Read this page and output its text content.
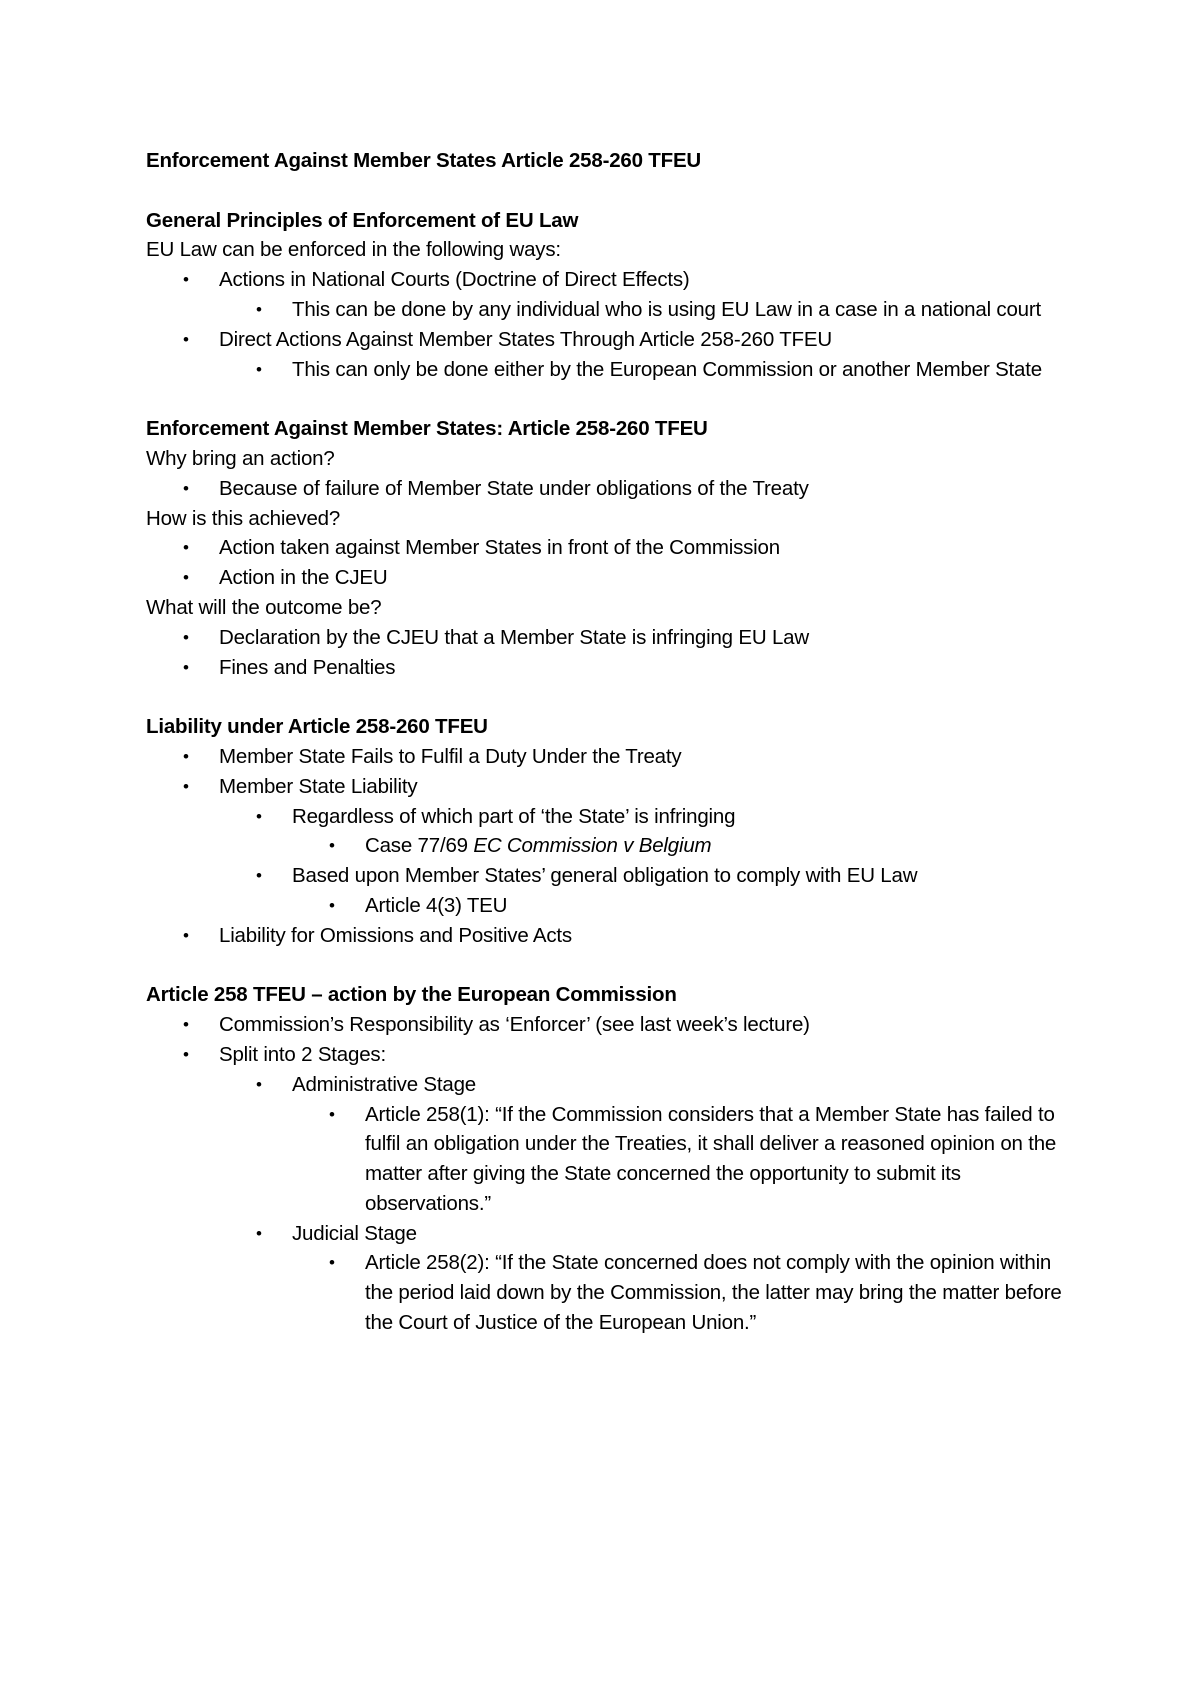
Enforcement Against Member States Article 258-260 TFEU

General Principles of Enforcement of EU Law

EU Law can be enforced in the following ways:

• Actions in National Courts (Doctrine of Direct Effects)
• This can be done by any individual who is using EU Law in a case in a national court
• Direct Actions Against Member States Through Article 258-260 TFEU
• This can only be done either by the European Commission or another Member State

Enforcement Against Member States: Article 258-260 TFEU

Why bring an action?

• Because of failure of Member State under obligations of the Treaty

How is this achieved?

• Action taken against Member States in front of the Commission
• Action in the CJEU

What will the outcome be?

• Declaration by the CJEU that a Member State is infringing EU Law
• Fines and Penalties

Liability under Article 258-260 TFEU

• Member State Fails to Fulfil a Duty Under the Treaty
• Member State Liability
• Regardless of which part of ‘the State’ is infringing
• Case 77/69 EC Commission v Belgium
• Based upon Member States’ general obligation to comply with EU Law
• Article 4(3) TEU
• Liability for Omissions and Positive Acts

Article 258 TFEU – action by the European Commission

• Commission’s Responsibility as ‘Enforcer’ (see last week’s lecture)
• Split into 2 Stages:
• Administrative Stage
• Article 258(1): “If the Commission considers that a Member State has failed to fulfil an obligation under the Treaties, it shall deliver a reasoned opinion on the matter after giving the State concerned the opportunity to submit its observations.”
• Judicial Stage
• Article 258(2): “If the State concerned does not comply with the opinion within the period laid down by the Commission, the latter may bring the matter before the Court of Justice of the European Union.”
